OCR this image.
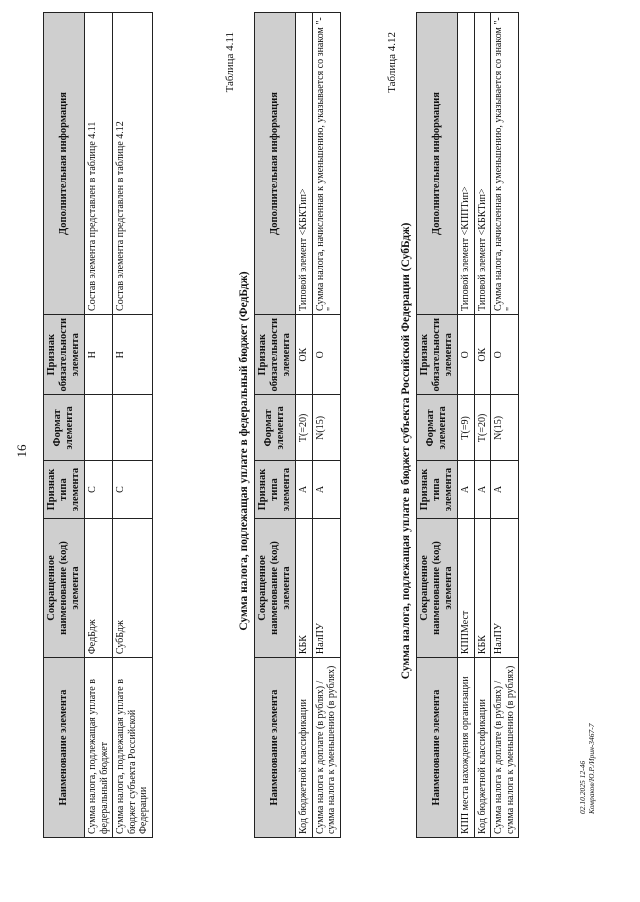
16
Наименование элемента	Сокращенное наименование (код) элемента	Признак типа элемента	Формат элемента	Признак обязательности элемента	Дополнительная информация
Сумма налога, подлежащая уплате в федеральный бюджет	ФедБдж	С		Н	Состав элемента представлен в таблице 4.11
Сумма налога, подлежащая уплате в бюджет субъекта Российской Федерации	СубБдж	С		Н	Состав элемента представлен в таблице 4.12
Таблица 4.11
Сумма налога, подлежащая уплате в федеральный бюджет (ФедБдж)
Наименование элемента	Сокращенное наименование (код) элемента	Признак типа элемента	Формат элемента	Признак обязательности элемента	Дополнительная информация
Код бюджетной классификации	КБК	А	T(=20)	ОК	Типовой элемент <КБКТип>
Сумма налога к доплате (в рублях) / сумма налога к уменьшению (в рублях)	НалПУ	А	N(15)	О	Сумма налога, начисленная к уменьшению, указывается со знаком "-"
Таблица 4.12
Сумма налога, подлежащая уплате в бюджет субъекта Российской Федерации (СубБдж)
Наименование элемента	Сокращенное наименование (код) элемента	Признак типа элемента	Формат элемента	Признак обязательности элемента	Дополнительная информация
КПП места нахождения организации	КППМест	А	T(=9)	О	Типовой элемент <КППТип>
Код бюджетной классификации	КБК	А	T(=20)	ОК	Типовой элемент <КБКТип>
Сумма налога к доплате (в рублях) / сумма налога к уменьшению (в рублях)	НалПУ	А	N(15)	О	Сумма налога, начисленная к уменьшению, указывается со знаком "-"
02.10.2025 12-46 Комраков/Ю.Р./Ирин-3467-7
